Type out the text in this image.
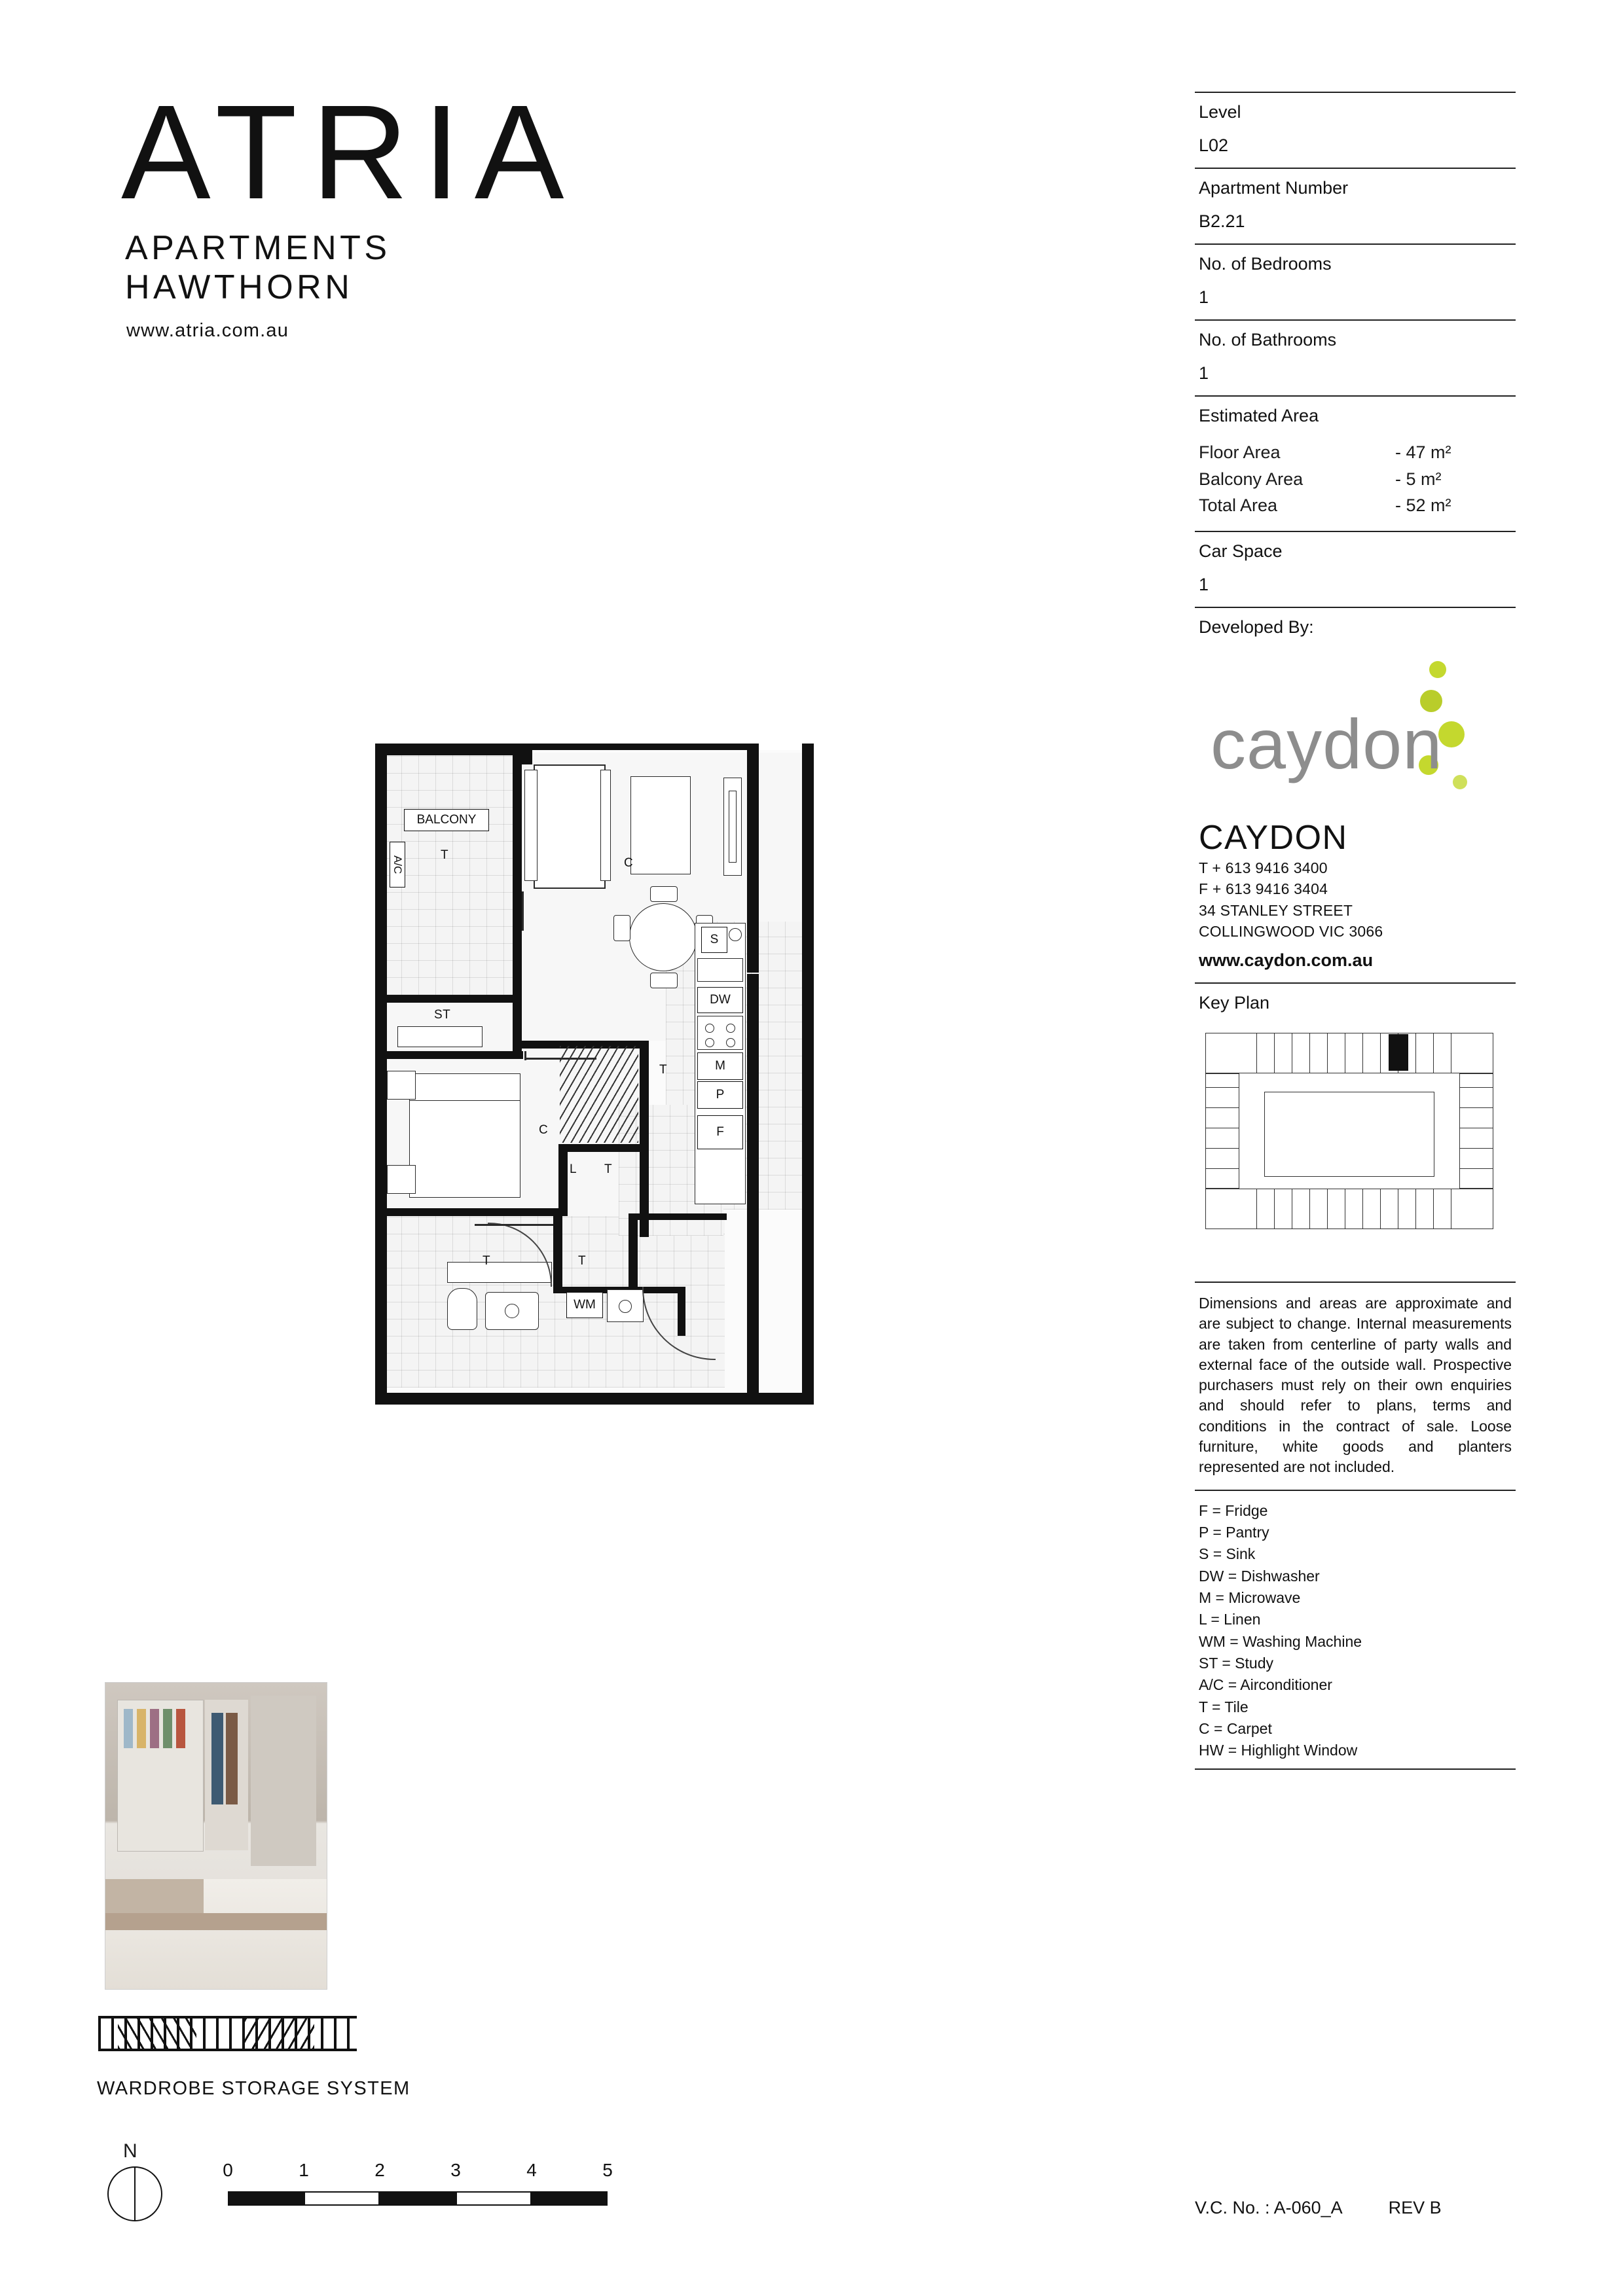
ATRIA
APARTMENTS HAWTHORN
www.atria.com.au
BALCONY
A/C
T
ST
C
C
L
S
DW
M
P
F
T
T	T
T
WM
Level
L02
Apartment Number
B2.21
No. of Bedrooms
1
No. of Bathrooms
1
Estimated Area
Floor Area	- 47 m²
Balcony Area	- 5 m²
Total Area	- 52 m²
Car Space
1
Developed By:
caydon
CAYDON
T + 613 9416 3400
F + 613 9416 3404
34 STANLEY STREET
COLLINGWOOD VIC 3066
www.caydon.com.au
Key Plan
Dimensions and areas are approximate and are subject to change. Internal measurements are taken from centerline of party walls and external face of the outside wall. Prospective purchasers must rely on their own enquiries and should refer to plans, terms and conditions in the contract of sale. Loose furniture, white goods and planters represented are not included.
F = Fridge
P = Pantry
S = Sink
DW = Dishwasher
M = Microwave
L = Linen
WM = Washing Machine
ST = Study
A/C = Airconditioner
T = Tile
C = Carpet
HW = Highlight Window
V.C. No. : A-060_A	REV B
WARDROBE STORAGE SYSTEM
N
0	1	2	3	4	5
